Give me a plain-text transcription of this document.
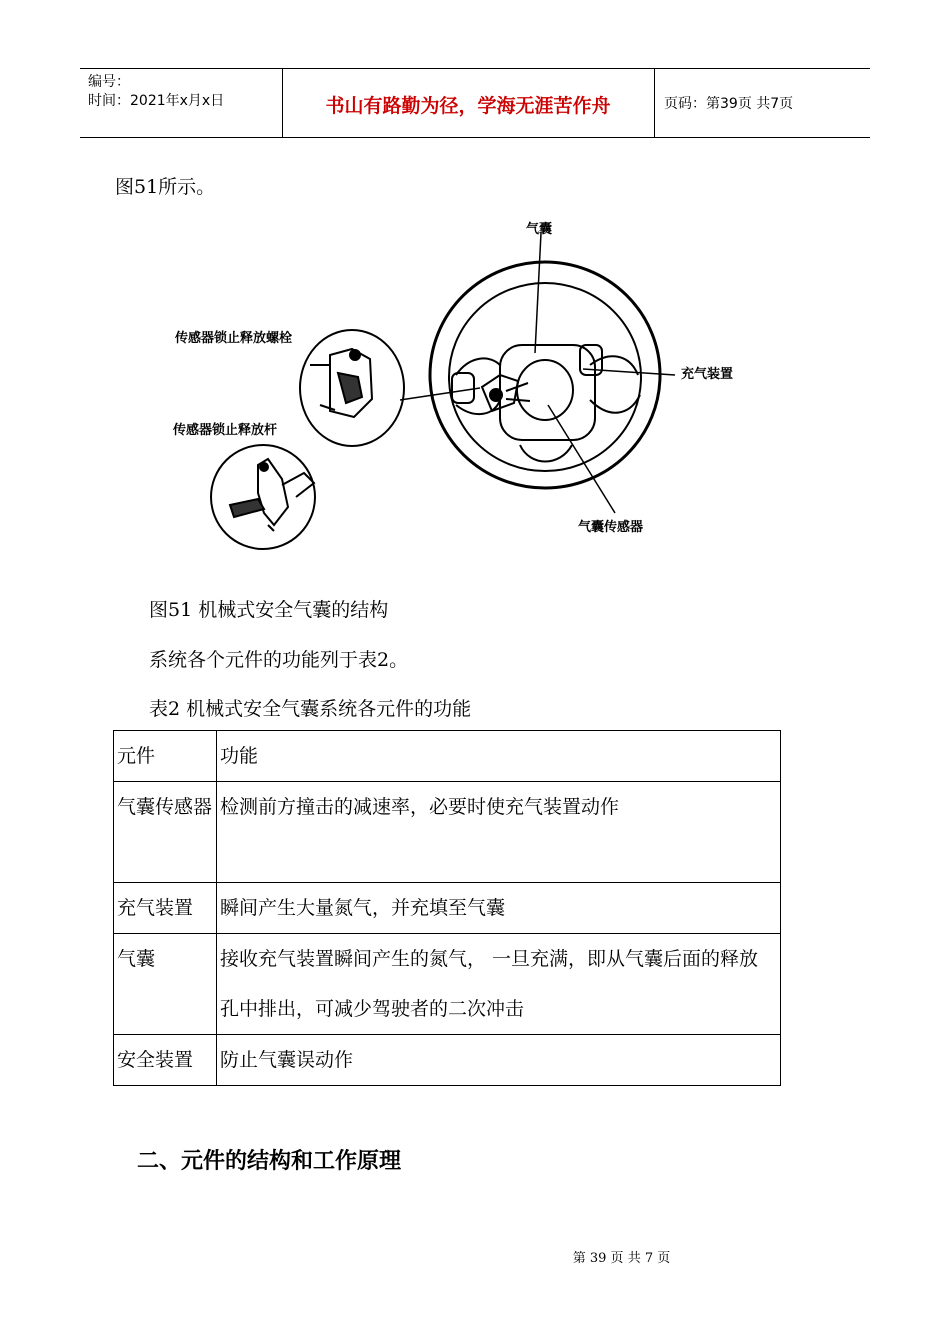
编号：
时间：2021年x月x日	书山有路勤为径，学海无涯苦作舟	页码：第39页 共7页
图51所示。
气囊
传感器锁止释放螺栓
充气装置
传感器锁止释放杆
气囊传感器
图51 机械式安全气囊的结构
系统各个元件的功能列于表2。
表2 机械式安全气囊系统各元件的功能
元件	功能
气囊传感器	检测前方撞击的减速率，必要时使充气装置动作
充气装置	瞬间产生大量氮气，并充填至气囊
气囊	接收充气装置瞬间产生的氮气， 一旦充满，即从气囊后面的释放孔中排出，可减少驾驶者的二次冲击
安全装置	防止气囊误动作
二、元件的结构和工作原理
第 39 页 共 7 页
